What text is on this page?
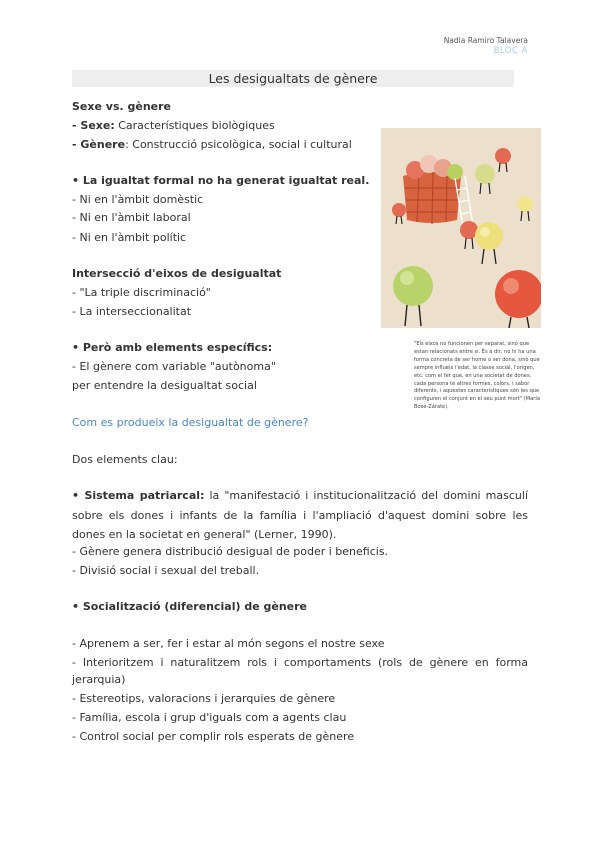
Nadia Ramiro Talavera
BLOC A
Les desigualtats de gènere
Sexe vs. gènere
- Sexe: Característiques biològiques
- Gènere: Construcció psicològica, social i cultural
• La igualtat formal no ha generat igualtat real.
- Ni en l'àmbit domèstic
- Ni en l'àmbit laboral
- Ni en l'àmbit polític
Intersecció d'eixos de desigualtat
- "La triple discriminació"
- La interseccionalitat
• Però amb elements específics:
- El gènere com variable "autònoma"
per entendre la desigualtat social
Com es produeix la desigualtat de gènere?
Dos elements clau:
• Sistema patriarcal: la "manifestació i institucionalització del domini masculí sobre els dones i infants de la família i l'ampliació d'aquest domini sobre les dones en la societat en general" (Lerner, 1990).
- Gènere genera distribució desigual de poder i beneficis.
- Divisió social i sexual del treball.
• Socialització (diferencial) de gènere
- Aprenem a ser, fer i estar al món segons el nostre sexe
- Interioritzem i naturalitzem rols i comportaments (rols de gènere en forma jerarquia)
- Estereotips, valoracions i jerarquies de gènere
- Família, escola i grup d'iguals com a agents clau
- Control social per complir rols esperats de gènere
"Els eixos no funcionen per separat, sinó que estan relacionats entre si. És a dir, no hi ha una forma concreta de ser home o ser dona, sinó que sempre influeix l'edat, la classe social, l'origen, etc. com el fet que, en una societat de dones, cada persona té altres formes, colors, i sabor diferents, i aquestes característiques són les que configuren el conjunt en el seu punt mort" (María Bosé-Zárate).
